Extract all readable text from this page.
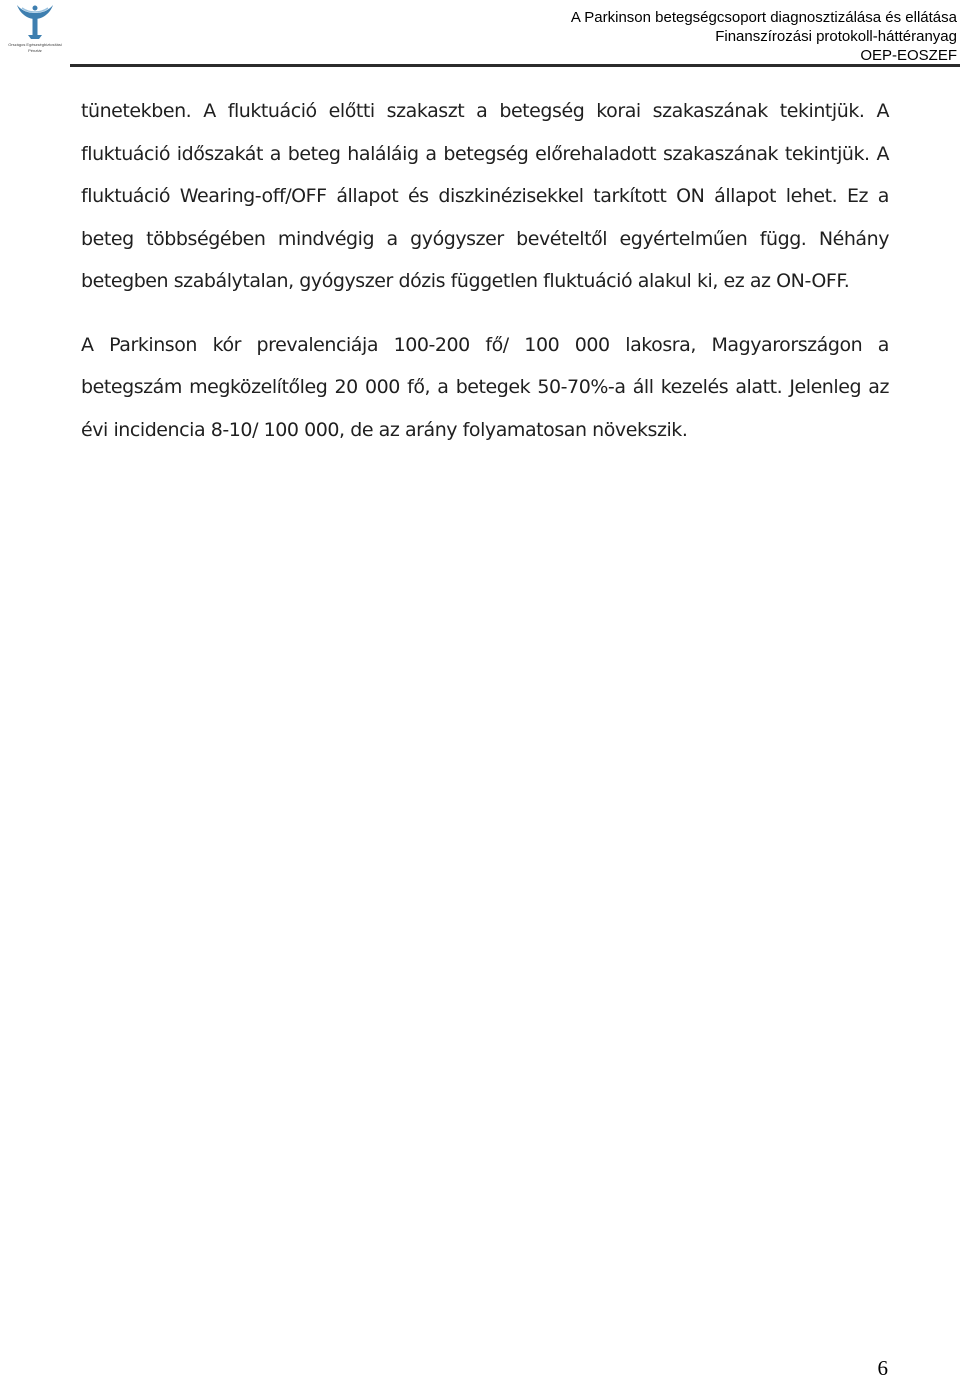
Országos Egészségbiztosítási
Pénztár
A Parkinson betegségcsoport diagnosztizálása és ellátása
Finanszírozási protokoll-háttéranyag
OEP-EOSZEF

tünetekben. A fluktuáció előtti szakaszt a betegség korai szakaszának tekintjük. A fluktuáció időszakát a beteg haláláig a betegség előrehaladott szakaszának tekintjük. A fluktuáció Wearing-off/OFF állapot és diszkinézisekkel tarkított ON állapot lehet. Ez a beteg többségében mindvégig a gyógyszer bevételtől egyértelműen függ. Néhány betegben szabálytalan, gyógyszer dózis független fluktuáció alakul ki, ez az ON-OFF.

A Parkinson kór prevalenciája 100-200 fő/ 100 000 lakosra, Magyarországon a betegszám megközelítőleg 20 000 fő, a betegek 50-70%-a áll kezelés alatt. Jelenleg az évi incidencia 8-10/ 100 000, de az arány folyamatosan növekszik.

6
